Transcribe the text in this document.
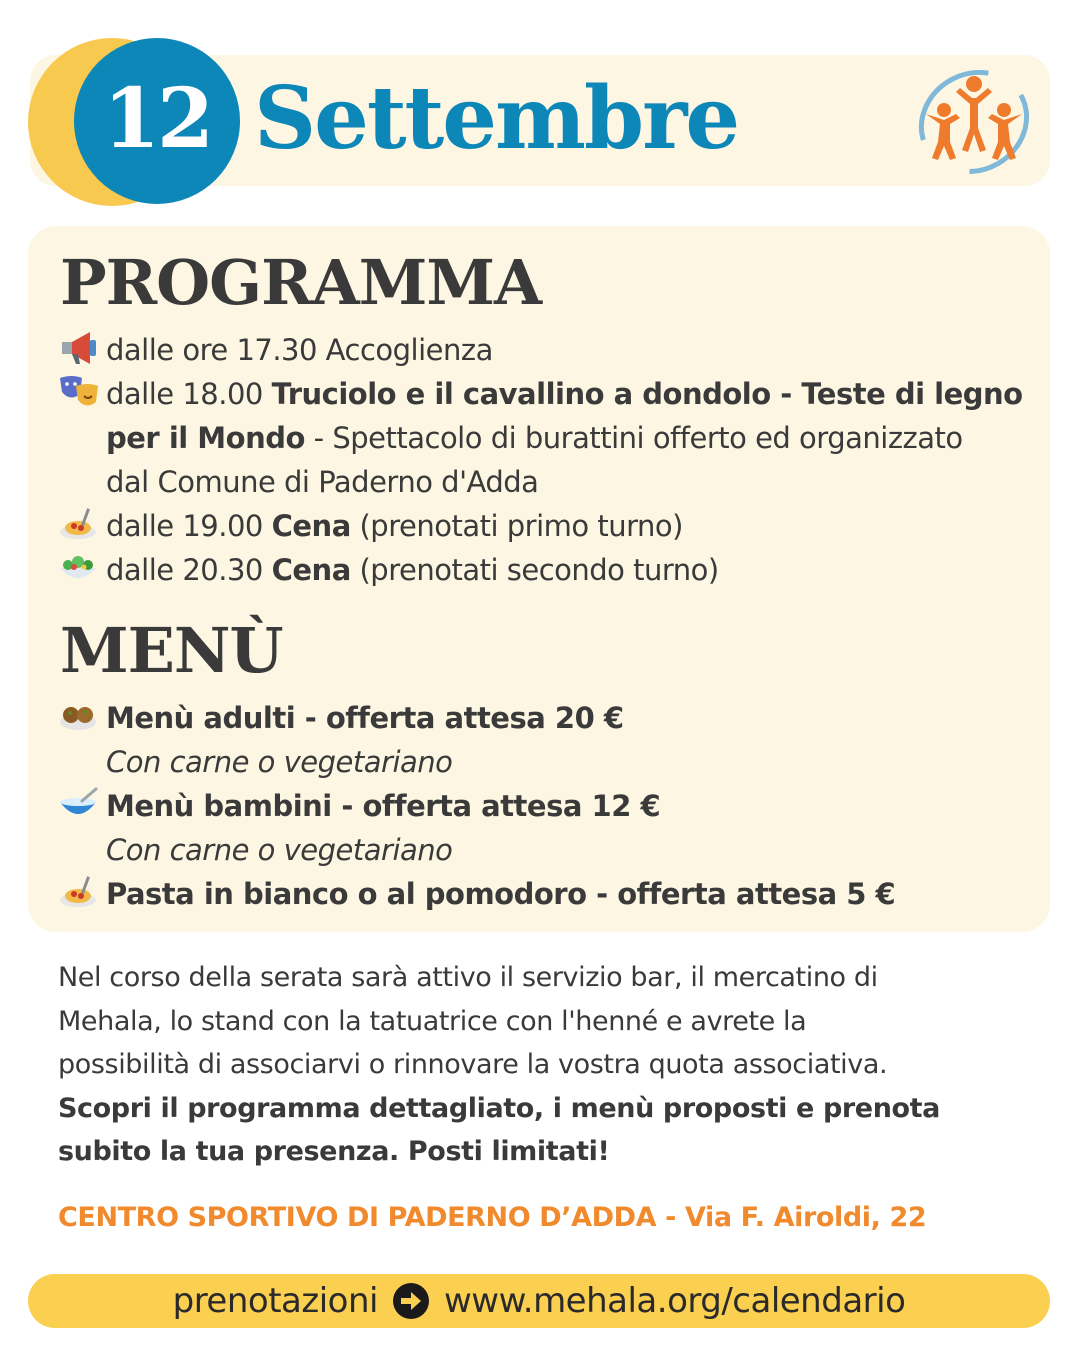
12 Settembre
PROGRAMMA
dalle ore 17.30 Accoglienza
dalle 18.00 Truciolo e il cavallino a dondolo - Teste di legno
per il Mondo - Spettacolo di burattini offerto ed organizzato
dal Comune di Paderno d'Adda
dalle 19.00 Cena (prenotati primo turno)
dalle 20.30 Cena (prenotati secondo turno)
MENÙ
Menù adulti - offerta attesa 20 €
Con carne o vegetariano
Menù bambini - offerta attesa 12 €
Con carne o vegetariano
Pasta in bianco o al pomodoro - offerta attesa 5 €
Nel corso della serata sarà attivo il servizio bar, il mercatino di
Mehala, lo stand con la tatuatrice con l'henné e avrete la
possibilità di associarvi o rinnovare la vostra quota associativa.
Scopri il programma dettagliato, i menù proposti e prenota
subito la tua presenza. Posti limitati!
CENTRO SPORTIVO DI PADERNO D’ADDA - Via F. Airoldi, 22
prenotazioni www.mehala.org/calendario
